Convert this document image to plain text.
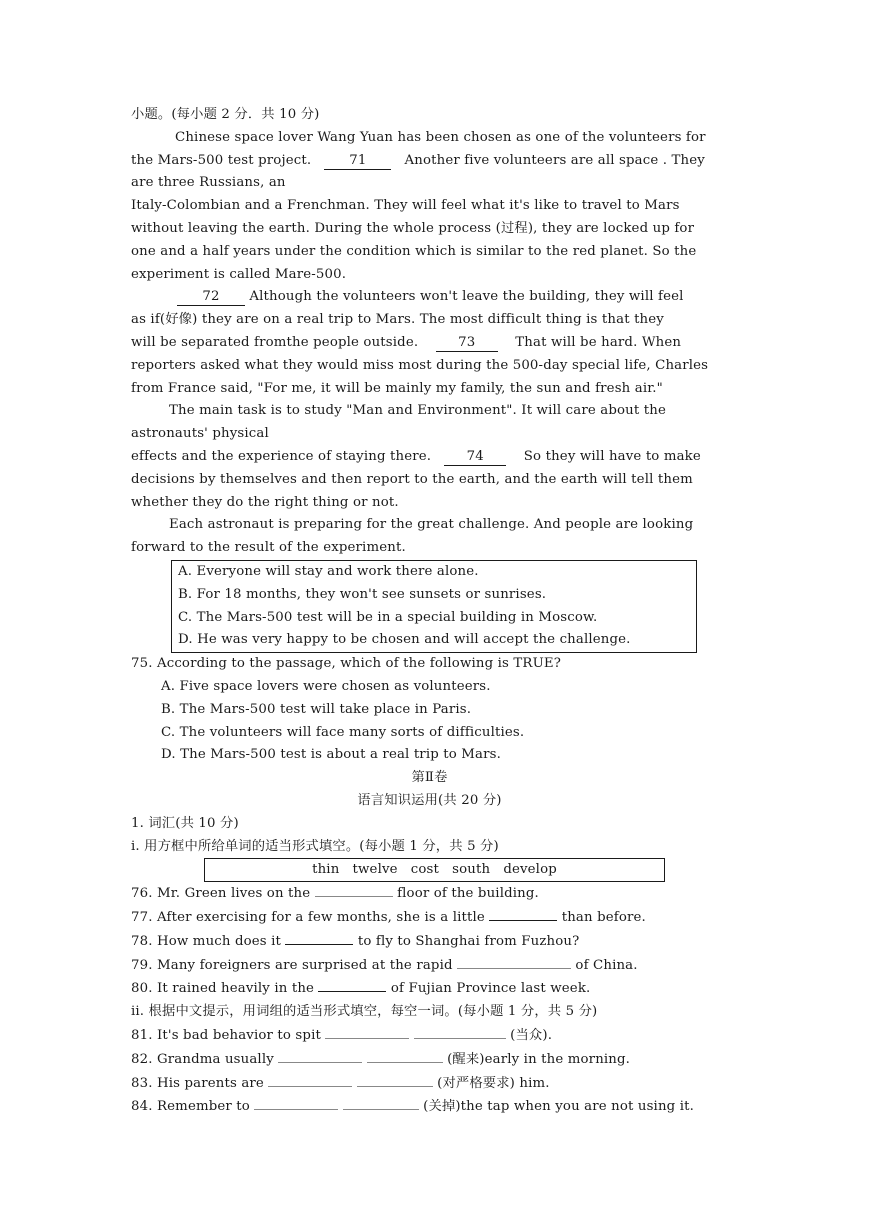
小题。(每小题 2 分．共 10 分)
Chinese space lover Wang Yuan has been chosen as one of the volunteers for
the Mars-500 test project.	71	Another five volunteers are all space . They
are three Russians, an
Italy-Colombian and a Frenchman. They will feel what it's like to travel to Mars
without leaving the earth. During the whole process (过程), they are locked up for
one and a half years under the condition which is similar to the red planet. So the
experiment is called Mare-500.
72 Although the volunteers won't leave the building, they will feel
as if(好像) they are on a real trip to Mars. The most difficult thing is that they
will be separated fromthe people outside.	73	That will be hard. When
reporters asked what they would miss most during the 500-day special life, Charles
from France said, "For me, it will be mainly my family, the sun and fresh air."
The main task is to study "Man and Environment". It will care about the
astronauts' physical
effects and the experience of staying there.	74	So they will have to make
decisions by themselves and then report to the earth, and the earth will tell them
whether they do the right thing or not.
Each astronaut is preparing for the great challenge. And people are looking
forward to the result of the experiment.
A. Everyone will stay and work there alone.
B. For 18 months, they won't see sunsets or sunrises.
C. The Mars-500 test will be in a special building in Moscow.
D. He was very happy to be chosen and will accept the challenge.
75. According to the passage, which of the following is TRUE?
A. Five space lovers were chosen as volunteers.
B. The Mars-500 test will take place in Paris.
C. The volunteers will face many sorts of difficulties.
D. The Mars-500 test is about a real trip to Mars.
第Ⅱ卷
语言知识运用(共 20 分)
1. 词汇(共 10 分)
i. 用方框中所给单词的适当形式填空。(每小题 1 分，共 5 分)
thin   twelve   cost   south   develop
76. Mr. Green lives on the	floor of the building.
77. After exercising for a few months, she is a little	than before.
78. How much does it	to fly to Shanghai from Fuzhou?
79. Many foreigners are surprised at the rapid	of China.
80. It rained heavily in the	of Fujian Province last week.
ii. 根据中文提示，用词组的适当形式填空，每空一词。(每小题 1 分，共 5 分)
81. It's bad behavior to spit	(当众).
82. Grandma usually	(醒来)early in the morning.
83. His parents are	(对严格要求) him.
84. Remember to	(关掉)the tap when you are not using it.
